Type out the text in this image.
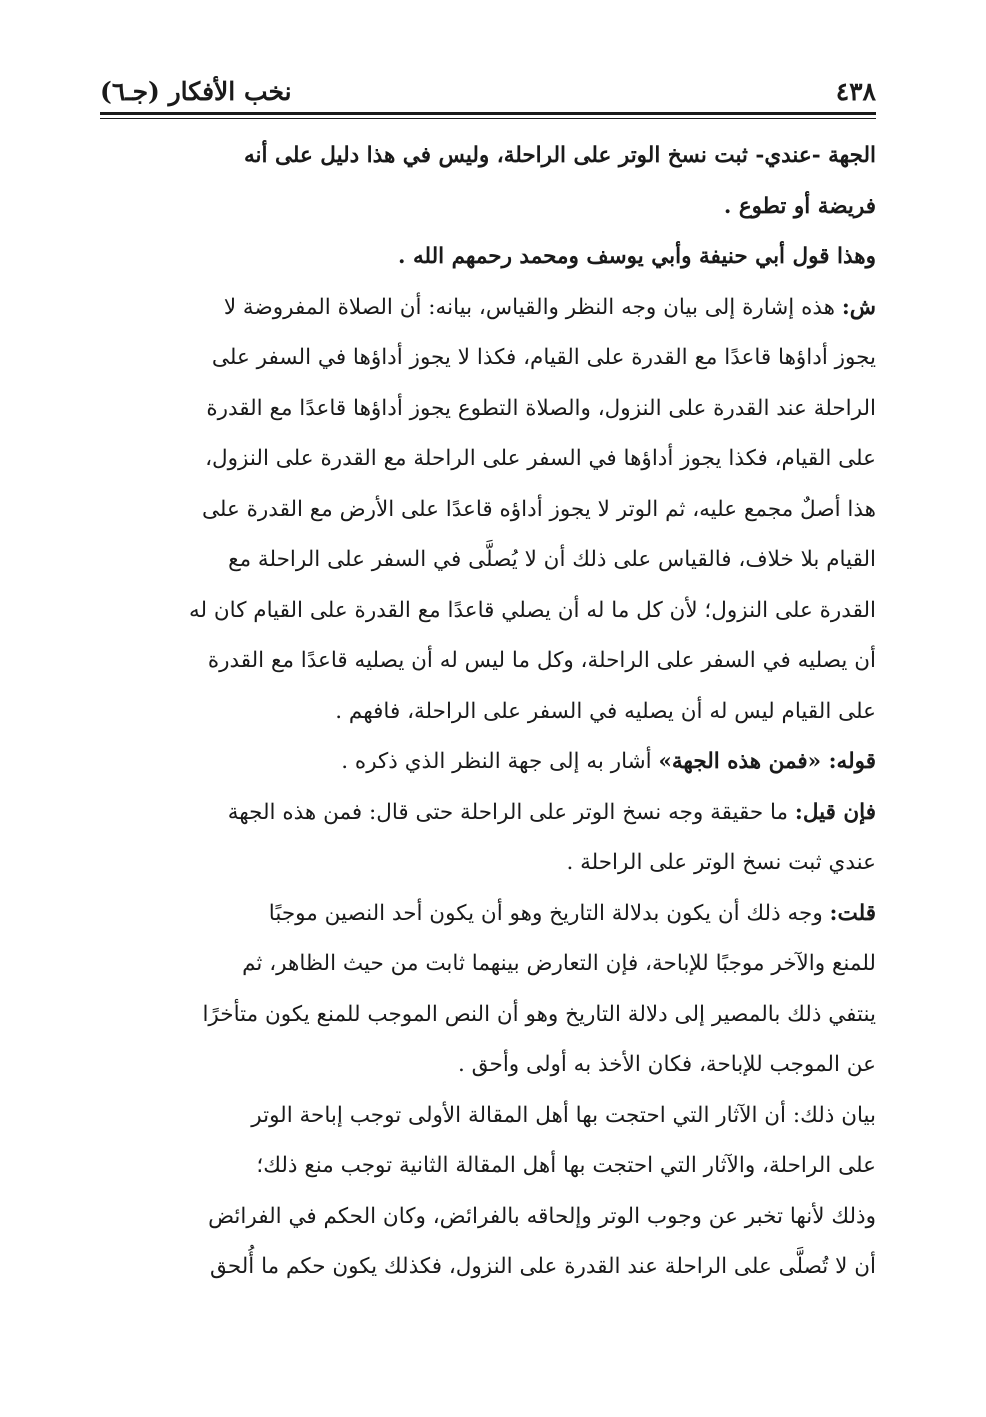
٤٣٨
نخب الأفكار (جـ٦)

الجهة -عندي- ثبت نسخ الوتر على الراحلة، وليس في هذا دليل على أنه
فريضة أو تطوع .

وهذا قول أبي حنيفة وأبي يوسف ومحمد رحمهم الله .

ش: هذه إشارة إلى بيان وجه النظر والقياس، بيانه: أن الصلاة المفروضة لا
يجوز أداؤها قاعدًا مع القدرة على القيام، فكذا لا يجوز أداؤها في السفر على
الراحلة عند القدرة على النزول، والصلاة التطوع يجوز أداؤها قاعدًا مع القدرة
على القيام، فكذا يجوز أداؤها في السفر على الراحلة مع القدرة على النزول،
هذا أصلٌ مجمع عليه، ثم الوتر لا يجوز أداؤه قاعدًا على الأرض مع القدرة على
القيام بلا خلاف، فالقياس على ذلك أن لا يُصلَّى في السفر على الراحلة مع
القدرة على النزول؛ لأن كل ما له أن يصلي قاعدًا مع القدرة على القيام كان له
أن يصليه في السفر على الراحلة، وكل ما ليس له أن يصليه قاعدًا مع القدرة
على القيام ليس له أن يصليه في السفر على الراحلة، فافهم .

قوله: «فمن هذه الجهة» أشار به إلى جهة النظر الذي ذكره .

فإن قيل: ما حقيقة وجه نسخ الوتر على الراحلة حتى قال: فمن هذه الجهة
عندي ثبت نسخ الوتر على الراحلة .

قلت: وجه ذلك أن يكون بدلالة التاريخ وهو أن يكون أحد النصين موجبًا
للمنع والآخر موجبًا للإباحة، فإن التعارض بينهما ثابت من حيث الظاهر، ثم
ينتفي ذلك بالمصير إلى دلالة التاريخ وهو أن النص الموجب للمنع يكون متأخرًا
عن الموجب للإباحة، فكان الأخذ به أولى وأحق .

بيان ذلك: أن الآثار التي احتجت بها أهل المقالة الأولى توجب إباحة الوتر
على الراحلة، والآثار التي احتجت بها أهل المقالة الثانية توجب منع ذلك؛
وذلك لأنها تخبر عن وجوب الوتر وإلحاقه بالفرائض، وكان الحكم في الفرائض
أن لا تُصلَّى على الراحلة عند القدرة على النزول، فكذلك يكون حكم ما أُلحق
